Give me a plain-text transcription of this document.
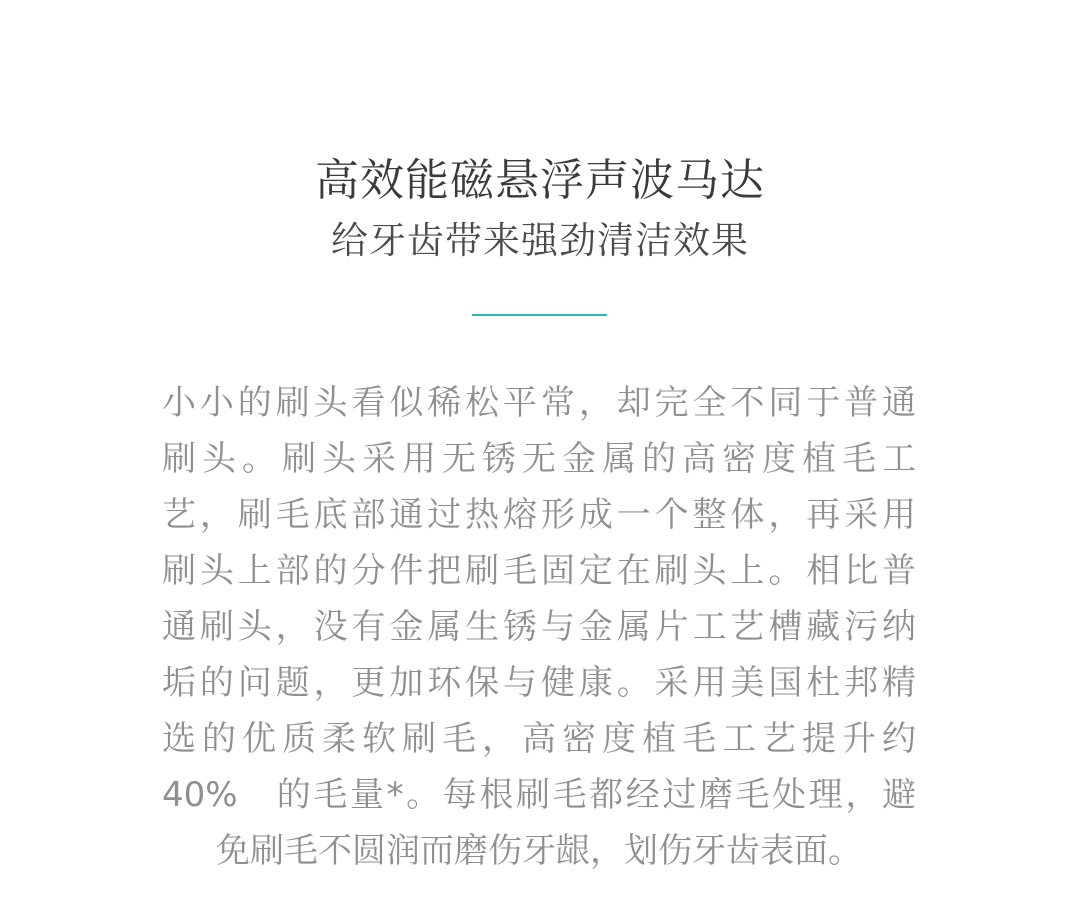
高效能磁悬浮声波马达
给牙齿带来强劲清洁效果
小小的刷头看似稀松平常，却完全不同于普通
刷头。刷头采用无锈无金属的高密度植毛工
艺，刷毛底部通过热熔形成一个整体，再采用
刷头上部的分件把刷毛固定在刷头上。相比普
通刷头，没有金属生锈与金属片工艺槽藏污纳
垢的问题，更加环保与健康。采用美国杜邦精
选的优质柔软刷毛，高密度植毛工艺提升约
40%　的毛量*。每根刷毛都经过磨毛处理，避
免刷毛不圆润而磨伤牙龈，划伤牙齿表面。
